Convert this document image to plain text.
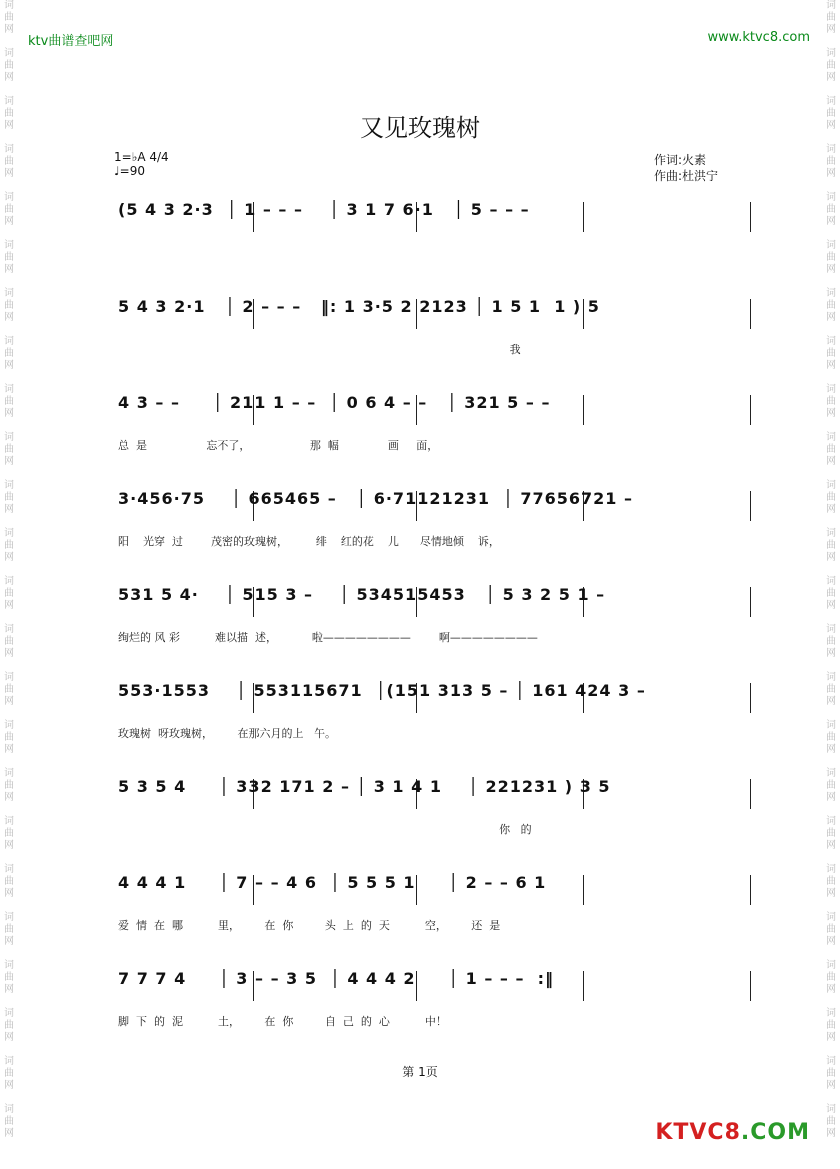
词曲网
词曲网
词曲网
词曲网
词曲网
词曲网
词曲网
词曲网
词曲网
词曲网
词曲网
词曲网
词曲网
词曲网
词曲网
词曲网
词曲网
词曲网
词曲网
词曲网
词曲网
词曲网
词曲网
词曲网
词曲网
词曲网
词曲网
词曲网
词曲网
词曲网
词曲网
词曲网
词曲网
词曲网
词曲网
词曲网
词曲网
词曲网
词曲网
词曲网
词曲网
词曲网
词曲网
词曲网
词曲网
词曲网
词曲网
词曲网
ktv曲谱查吧网	www.ktvc8.com
又见玫瑰树
1=♭A 4/4
♩=90
作词:火素
作曲:杜洪宁
(5 4 3 2·3  │ 1 – – –    │ 3 1 7 6·1   │ 5 – – –
5 4 3 2·1   │ 2 – – –   ‖: 1 3·5 2 2123 │ 1 5 1  1 ) 5
我
4 3 – –     │ 211 1 – –  │ 0 6 4 – –   │ 321 5 – –
总  是                 忘不了，                 那  幅              画     面，
3·456·75    │ 665465 –   │ 6·71121231  │ 77656721 –
阳    光穿  过        茂密的玫瑰树，        绯    红的花    儿      尽情地倾    诉，
531 5 4·    │ 515 3 –    │ 534515453   │ 5 3 2 5 1 –
绚烂的 风 彩          难以描  述，          啦————————        啊————————
553·1553    │ 553115671  │(151 313 5 – │ 161 424 3 –
玫瑰树  呀玫瑰树，       在那六月的上   午。
5 3 5 4     │ 332 171 2 – │ 3 1 4 1    │ 221231 ) 3 5
你   的
4 4 4 1     │ 7 – – 4 6  │ 5 5 5 1     │ 2 – – 6 1
爱  情  在  哪          里，       在  你         头  上  的  天          空，       还  是
7 7 7 4     │ 3 – – 3 5  │ 4 4 4 2     │ 1 – – –  :‖
脚  下  的  泥          土，       在  你         自  己  的  心          中！
第 1页
KTVC8.COM
